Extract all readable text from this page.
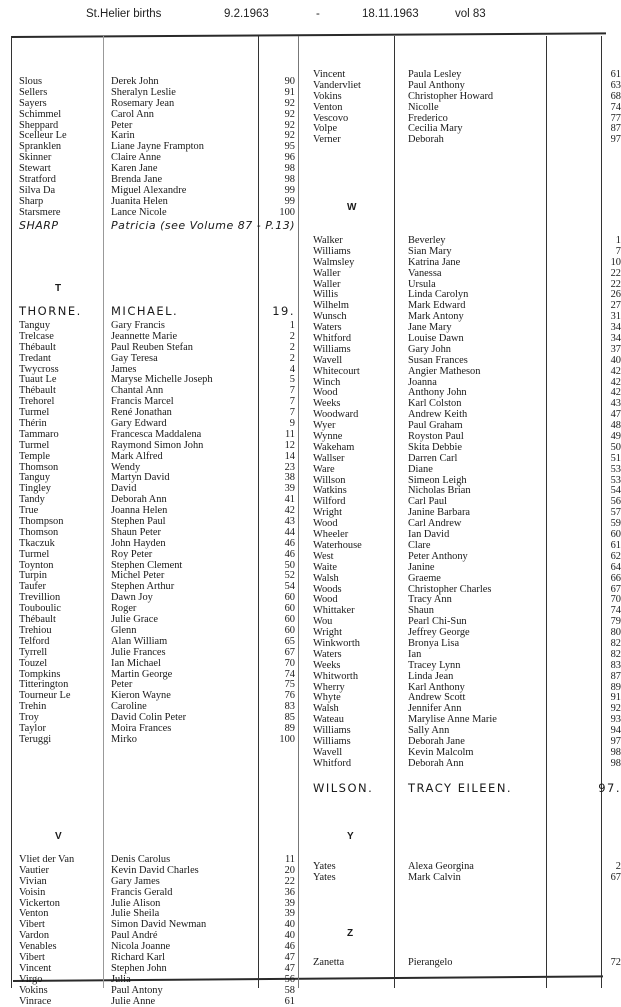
St.Helier births	9.2.1963	-	18.11.1963	vol 83
Slous	Derek John	90
Sellers	Sheralyn Leslie	91
Sayers	Rosemary Jean	92
Schimmel	Carol Ann	92
Sheppard	Peter	92
Scelleur Le	Karin	92
Spranklen	Liane Jayne Frampton	95
Skinner	Claire Anne	96
Stewart	Karen Jane	98
Stratford	Brenda Jane	98
Silva Da	Miguel Alexandre	99
Sharp	Juanita Helen	99
Starsmere	Lance Nicole	100
SHARP	Patricia (see Volume 87 - P. 13)
T
THORNE.	MICHAEL.	19.
Tanguy	Gary Francis	1
Trelcase	Jeannette Marie	2
Thébault	Paul Reuben Stefan	2
Tredant	Gay Teresa	2
Twycross	James	4
Tuaut Le	Maryse Michelle Joseph	5
Thébault	Chantal Ann	7
Trehorel	Francis Marcel	7
Turmel	René Jonathan	7
Thérin	Gary Edward	9
Tammaro	Francesca Maddalena	11
Turmel	Raymond Simon John	12
Temple	Mark Alfred	14
Thomson	Wendy	23
Tanguy	Martyn David	38
Tingley	David	39
Tandy	Deborah Ann	41
True	Joanna Helen	42
Thompson	Stephen Paul	43
Thomson	Shaun Peter	44
Tkaczuk	John Hayden	46
Turmel	Roy Peter	46
Toynton	Stephen Clement	50
Turpin	Michel Peter	52
Taufer	Stephen Arthur	54
Trevillion	Dawn Joy	60
Touboulic	Roger	60
Thébault	Julie Grace	60
Trehiou	Glenn	60
Telford	Alan William	65
Tyrrell	Julie Frances	67
Touzel	Ian Michael	70
Tompkins	Martin George	74
Titterington	Peter	75
Tourneur Le	Kieron Wayne	76
Trehin	Caroline	83
Troy	David Colin Peter	85
Taylor	Moira Frances	89
Teruggi	Mirko	100
V
Vliet der Van	Denis Carolus	11
Vautier	Kevin David Charles	20
Vivian	Gary James	22
Voisin	Francis Gerald	36
Vickerton	Julie Alison	39
Venton	Julie Sheila	39
Vibert	Simon David Newman	40
Vardon	Paul André	40
Venables	Nicola Joanne	46
Vibert	Richard Karl	47
Vincent	Stephen John	47
Virgo	Julia	56
Vokins	Paul Antony	58
Vinrace	Julie Anne	61
Vincent	Paula Lesley	61
Vandervliet	Paul Anthony	63
Vokins	Christopher Howard	68
Venton	Nicolle	74
Vescovo	Frederico	77
Volpe	Cecilia Mary	87
Verner	Deborah	97
W
Walker	Beverley	1
Williams	Sian Mary	7
Walmsley	Katrina Jane	10
Waller	Vanessa	22
Waller	Ursula	22
Willis	Linda Carolyn	26
Wilhelm	Mark Edward	27
Wunsch	Mark Antony	31
Waters	Jane Mary	34
Whitford	Louise Dawn	34
Williams	Gary John	37
Wavell	Susan Frances	40
Whitecourt	Angier Matheson	42
Winch	Joanna	42
Wood	Anthony John	42
Weeks	Karl Colston	43
Woodward	Andrew Keith	47
Wyer	Paul Graham	48
Wynne	Royston Paul	49
Wakeham	Skita Debbie	50
Wallser	Darren Carl	51
Ware	Diane	53
Willson	Simeon Leigh	53
Watkins	Nicholas Brian	54
Wilford	Carl Paul	56
Wright	Janine Barbara	57
Wood	Carl Andrew	59
Wheeler	Ian David	60
Waterhouse	Clare	61
West	Peter Anthony	62
Waite	Janine	64
Walsh	Graeme	66
Woods	Christopher Charles	67
Wood	Tracy Ann	70
Whittaker	Shaun	74
Wou	Pearl Chi-Sun	79
Wright	Jeffrey George	80
Winkworth	Bronya Lisa	82
Waters	Ian	82
Weeks	Tracey Lynn	83
Whitworth	Linda Jean	87
Wherry	Karl Anthony	89
Whyte	Andrew Scott	91
Walsh	Jennifer Ann	92
Wateau	Marylise Anne Marie	93
Williams	Sally Ann	94
Williams	Deborah Jane	97
Wavell	Kevin Malcolm	98
Whitford	Deborah Ann	98
WILSON.	TRACY EILEEN.	97.
Y
Yates	Alexa Georgina	2
Yates	Mark Calvin	67
Z
Zanetta	Pierangelo	72
